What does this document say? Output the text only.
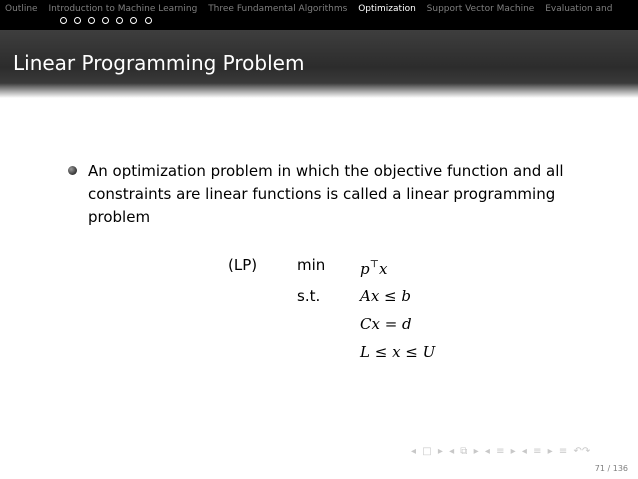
Outline Introduction to Machine Learning Three Fundamental Algorithms Optimization Support Vector Machine Evaluation and

Linear Programming Problem
An optimization problem in which the objective function and all constraints are linear functions is called a linear programming problem
(LP)	min p⊤x
s.t.	Ax ≤ b
Cx = d
L ≤ x ≤ U
◂ □ ▸ ◂ ⧉ ▸ ◂ ≡ ▸ ◂ ≡ ▸ ≡ ↶↷
71 / 136
